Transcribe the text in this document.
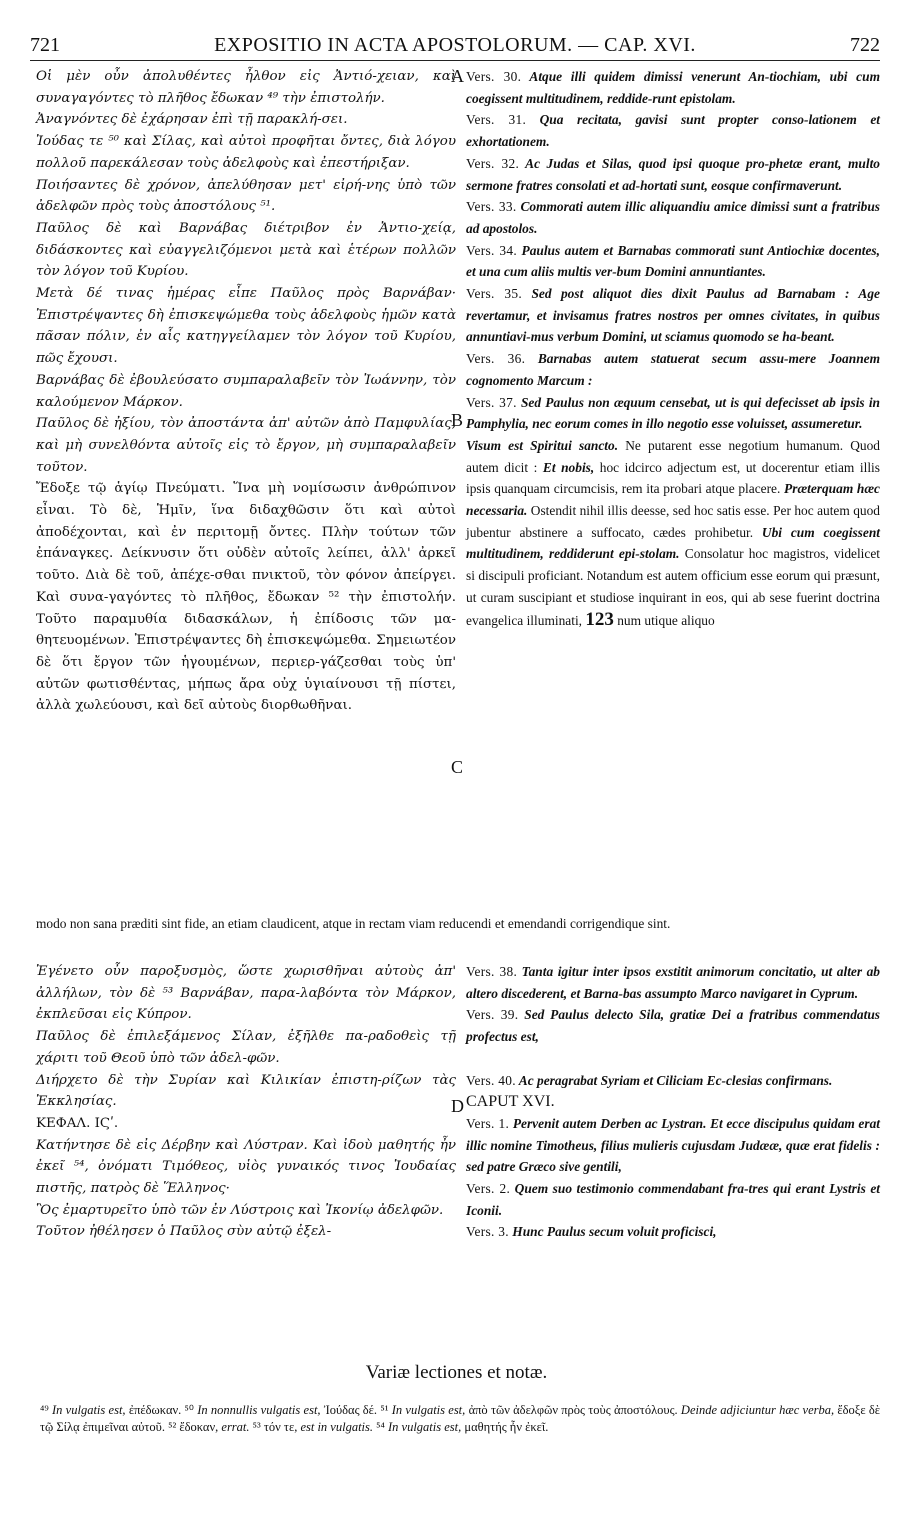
721	EXPOSITIO IN ACTA APOSTOLORUM. — CAP. XVI.	722
A
B
C
D

Οἱ μὲν οὖν ἀπολυθέντες ἦλθον εἰς Ἀντιό-χειαν, καὶ συναγαγόντες τὸ πλῆθος ἔδωκαν ⁴⁹ τὴν ἐπιστολήν.

Ἀναγνόντες δὲ ἐχάρησαν ἐπὶ τῇ παρακλή-σει.

Ἰούδας τε ⁵⁰ καὶ Σίλας, καὶ αὐτοὶ προφῆται ὄντες, διὰ λόγου πολλοῦ παρεκάλεσαν τοὺς ἀδελφοὺς καὶ ἐπεστήριξαν.

Ποιήσαντες δὲ χρόνον, ἀπελύθησαν μετ' εἰρή-νης ὑπὸ τῶν ἀδελφῶν πρὸς τοὺς ἀποστόλους ⁵¹.

Παῦλος δὲ καὶ Βαρνάβας διέτριβον ἐν Ἀντιο-χείᾳ, διδάσκοντες καὶ εὐαγγελιζόμενοι μετὰ καὶ ἑτέρων πολλῶν τὸν λόγον τοῦ Κυρίου.

Μετὰ δέ τινας ἡμέρας εἶπε Παῦλος πρὸς Βαρνάβαν· Ἐπιστρέψαντες δὴ ἐπισκεψώμεθα τοὺς ἀδελφοὺς ἡμῶν κατὰ πᾶσαν πόλιν, ἐν αἷς κατηγγείλαμεν τὸν λόγον τοῦ Κυρίου, πῶς ἔχουσι.

Βαρνάβας δὲ ἐβουλεύσατο συμπαραλαβεῖν τὸν Ἰωάννην, τὸν καλούμενον Μάρκον.

Παῦλος δὲ ἠξίου, τὸν ἀποστάντα ἀπ' αὐτῶν ἀπὸ Παμφυλίας, καὶ μὴ συνελθόντα αὐτοῖς εἰς τὸ ἔργον, μὴ συμπαραλαβεῖν τοῦτον.

Ἔδοξε τῷ ἁγίῳ Πνεύματι. Ἵνα μὴ νομίσωσιν ἀνθρώπινον εἶναι. Τὸ δὲ, Ἡμῖν, ἵνα διδαχθῶσιν ὅτι καὶ αὐτοὶ ἀποδέχονται, καὶ ἐν περιτομῇ ὄντες. Πλὴν τούτων τῶν ἐπάναγκες. Δείκνυσιν ὅτι οὐδὲν αὐτοῖς λείπει, ἀλλ' ἀρκεῖ τοῦτο. Διὰ δὲ τοῦ, ἀπέχε-σθαι πνικτοῦ, τὸν φόνον ἀπείργει. Καὶ συνα-γαγόντες τὸ πλῆθος, ἔδωκαν ⁵² τὴν ἐπιστολήν. Τοῦτο παραμυθία διδασκάλων, ἡ ἐπίδοσις τῶν μα-θητευομένων. Ἐπιστρέψαντες δὴ ἐπισκεψώμεθα. Σημειωτέον δὲ ὅτι ἔργον τῶν ἡγουμένων, περιερ-γάζεσθαι τοὺς ὑπ' αὐτῶν φωτισθέντας, μήπως ἄρα οὐχ ὑγιαίνουσι τῇ πίστει, ἀλλὰ χωλεύουσι, καὶ δεῖ αὐτοὺς διορθωθῆναι.

Vers. 30. Atque illi quidem dimissi venerunt An-tiochiam, ubi cum coegissent multitudinem, reddide-runt epistolam.

Vers. 31. Qua recitata, gavisi sunt propter conso-lationem et exhortationem.

Vers. 32. Ac Judas et Silas, quod ipsi quoque pro-phetæ erant, multo sermone fratres consolati et ad-hortati sunt, eosque confirmaverunt.

Vers. 33. Commorati autem illic aliquandiu amice dimissi sunt a fratribus ad apostolos.

Vers. 34. Paulus autem et Barnabas commorati sunt Antiochiæ docentes, et una cum aliis multis ver-bum Domini annuntiantes.

Vers. 35. Sed post aliquot dies dixit Paulus ad Barnabam : Age revertamur, et invisamus fratres nostros per omnes civitates, in quibus annuntiavi-mus verbum Domini, ut sciamus quomodo se ha-beant.

Vers. 36. Barnabas autem statuerat secum assu-mere Joannem cognomento Marcum :

Vers. 37. Sed Paulus non æquum censebat, ut is qui defecisset ab ipsis in Pamphylia, nec eorum comes in illo negotio esse voluisset, assumeretur.

Visum est Spiritui sancto. Ne putarent esse negotium humanum. Quod autem dicit : Et nobis, hoc idcirco adjectum est, ut docerentur etiam illis ipsis quanquam circumcisis, rem ita probari atque placere. Præterquam hæc necessaria. Ostendit nihil illis deesse, sed hoc satis esse. Per hoc autem quod jubentur abstinere a suffocato, cædes prohibetur. Ubi cum coegissent multitudinem, reddiderunt epi-stolam. Consolatur hoc magistros, videlicet si discipuli proficiant. Notandum est autem officium esse eorum qui præsunt, ut curam suscipiant et studiose inquirant in eos, qui ab sese fuerint doctrina evangelica illuminati, 123 num utique aliquo

modo non sana præditi sint fide, an etiam claudicent, atque in rectam viam reducendi et emendandi corrigendique sint.

Ἐγένετο οὖν παροξυσμὸς, ὥστε χωρισθῆναι αὐτοὺς ἀπ' ἀλλήλων, τὸν δὲ ⁵³ Βαρνάβαν, παρα-λαβόντα τὸν Μάρκον, ἐκπλεῦσαι εἰς Κύπρον.

Παῦλος δὲ ἐπιλεξάμενος Σίλαν, ἐξῆλθε πα-ραδοθεὶς τῇ χάριτι τοῦ Θεοῦ ὑπὸ τῶν ἀδελ-φῶν.

Διήρχετο δὲ τὴν Συρίαν καὶ Κιλικίαν ἐπιστη-ρίζων τὰς Ἐκκλησίας.

ΚΕΦΑΛ. ΙϚʹ.

Κατήντησε δὲ εἰς Δέρβην καὶ Λύστραν. Καὶ ἰδοὺ μαθητής ἦν ἐκεῖ ⁵⁴, ὀνόματι Τιμόθεος, υἱὸς γυναικός τινος Ἰουδαίας πιστῆς, πατρὸς δὲ Ἕλληνος·

Ὃς ἐμαρτυρεῖτο ὑπὸ τῶν ἐν Λύστροις καὶ Ἰκονίῳ ἀδελφῶν.

Τοῦτον ἠθέλησεν ὁ Παῦλος σὺν αὐτῷ ἐξελ-

Vers. 38. Tanta igitur inter ipsos exstitit animorum concitatio, ut alter ab altero discederent, et Barna-bas assumpto Marco navigaret in Cyprum.

Vers. 39. Sed Paulus delecto Sila, gratiæ Dei a fratribus commendatus profectus est,

Vers. 40. Ac peragrabat Syriam et Ciliciam Ec-clesias confirmans.

CAPUT XVI.

Vers. 1. Pervenit autem Derben ac Lystran. Et ecce discipulus quidam erat illic nomine Timotheus, filius mulieris cujusdam Judææ, quæ erat fidelis : sed patre Græco sive gentili,

Vers. 2. Quem suo testimonio commendabant fra-tres qui erant Lystris et Iconii.

Vers. 3. Hunc Paulus secum voluit proficisci,

Variæ lectiones et notæ.

⁴⁹ In vulgatis est, ἐπέδωκαν. ⁵⁰ In nonnullis vulgatis est, Ἰούδας δέ. ⁵¹ In vulgatis est, ἀπὸ τῶν ἀδελφῶν πρὸς τοὺς ἀποστόλους. Deinde adjiciuntur hæc verba, ἔδοξε δὲ τῷ Σίλᾳ ἐπιμεῖναι αὐτοῦ. ⁵² ἔδοκαν, errat. ⁵³ τόν τε, est in vulgatis. ⁵⁴ In vulgatis est, μαθητής ἦν ἐκεῖ.
